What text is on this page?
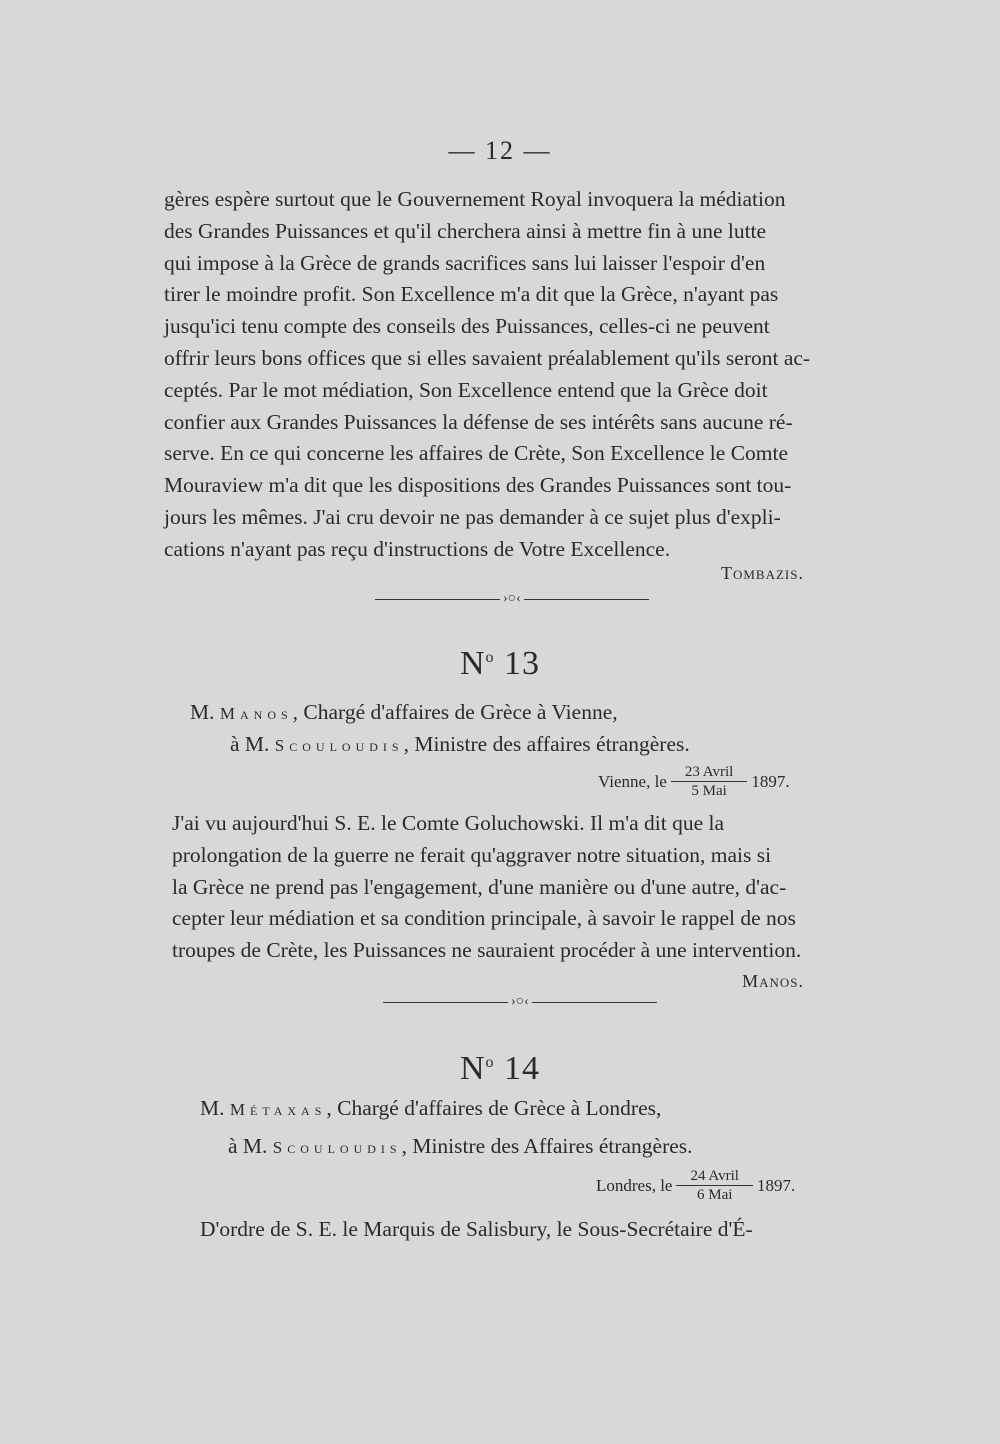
— 12 —
gères espère surtout que le Gouvernement Royal invoquera la médiation
des Grandes Puissances et qu'il cherchera ainsi à mettre fin à une lutte
qui impose à la Grèce de grands sacrifices sans lui laisser l'espoir d'en
tirer le moindre profit. Son Excellence m'a dit que la Grèce, n'ayant pas
jusqu'ici tenu compte des conseils des Puissances, celles-ci ne peuvent
offrir leurs bons offices que si elles savaient préalablement qu'ils seront ac-
ceptés. Par le mot médiation, Son Excellence entend que la Grèce doit
confier aux Grandes Puissances la défense de ses intérêts sans aucune ré-
serve. En ce qui concerne les affaires de Crète, Son Excellence le Comte
Mouraview m'a dit que les dispositions des Grandes Puissances sont tou-
jours les mêmes. J'ai cru devoir ne pas demander à ce sujet plus d'expli-
cations n'ayant pas reçu d'instructions de Votre Excellence.
Tombazis.
›○‹
$N^o$ 13
M. Manos, Chargé d'affaires de Grèce à Vienne,
à M. Scouloudis, Ministre des affaires étrangères.
Vienne, le $\frac{\text{23 Avril}}{\text{5 Mai}} 1897$.
J'ai vu aujourd'hui S. E. le Comte Goluchowski. Il m'a dit que la
prolongation de la guerre ne ferait qu'aggraver notre situation, mais si
la Grèce ne prend pas l'engagement, d'une manière ou d'une autre, d'ac-
cepter leur médiation et sa condition principale, à savoir le rappel de nos
troupes de Crète, les Puissances ne sauraient procéder à une intervention.
Manos.
›○‹
$N^o$ 14
M. Métaxas, Chargé d'affaires de Grèce à Londres,
à M. Scouloudis, Ministre des Affaires étrangères.
Londres, le $\frac{\text{24 Avril}}{\text{6 Mai}} 1897$.
D'ordre de S. E. le Marquis de Salisbury, le Sous-Secrétaire d'É-
